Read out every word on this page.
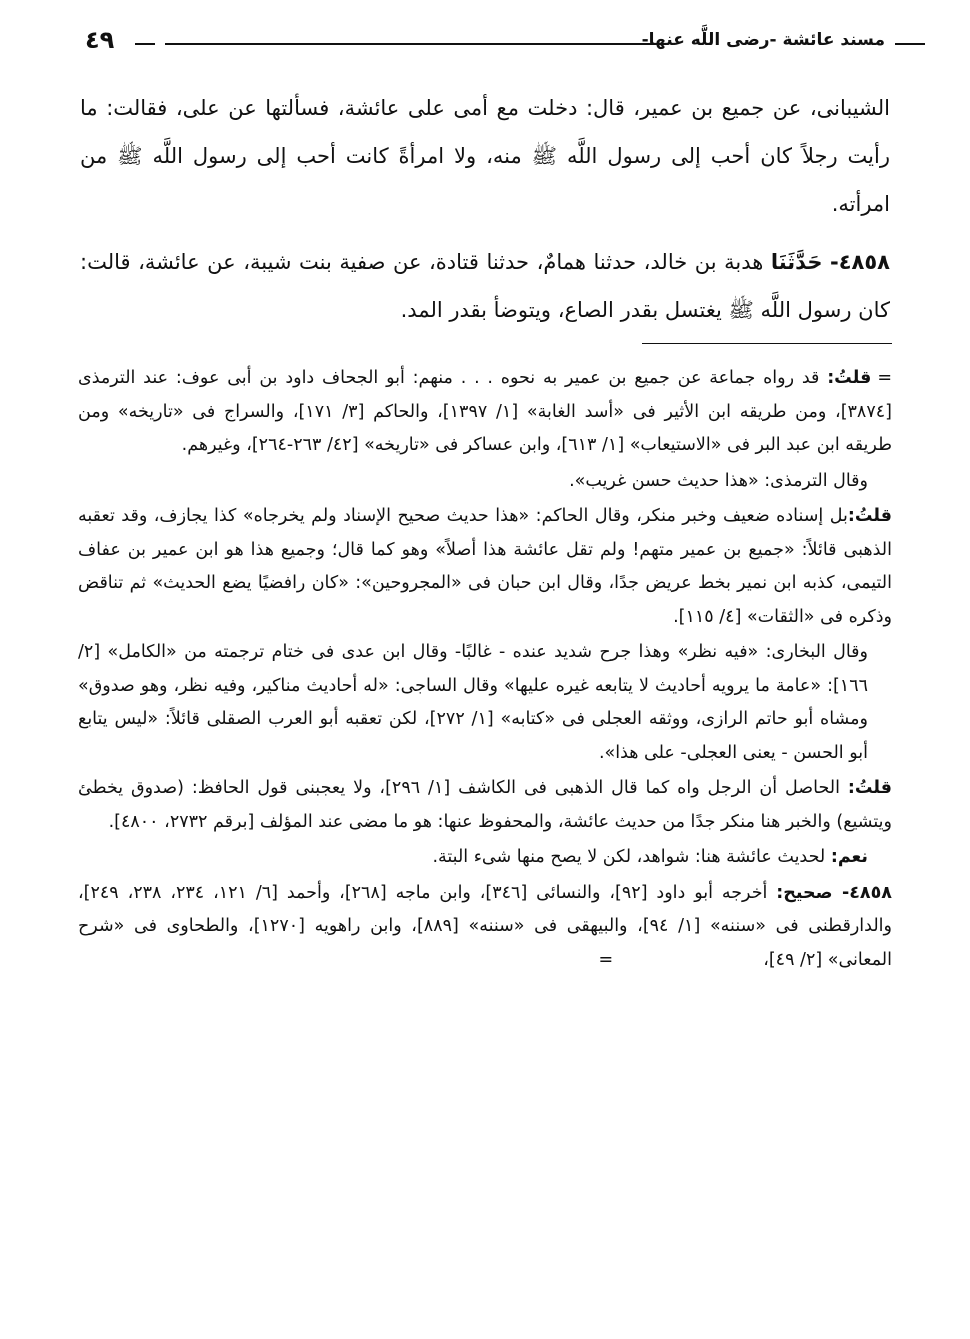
مسند عائشة -رضى اللَّه عنها-
٤٩

الشيبانى، عن جميع بن عمير، قال: دخلت مع أمى على عائشة، فسألتها عن على، فقالت: ما رأيت رجلاً كان أحب إلى رسول اللَّه ﷺ منه، ولا امرأةً كانت أحب إلى رسول اللَّه ﷺ من امرأته.

٤٨٥٨- حَدَّثَنَا هدبة بن خالد، حدثنا همامٌ، حدثنا قتادة، عن صفية بنت شيبة، عن عائشة، قالت: كان رسول اللَّه ﷺ يغتسل بقدر الصاع، ويتوضأ بقدر المد.

=قلتُ: قد رواه جماعة عن جميع بن عمير به نحوه . . . منهم: أبو الجحاف داود بن أبى عوف: عند الترمذى [٣٨٧٤]، ومن طريقه ابن الأثير فى «أسد الغابة» [١/ ١٣٩٧]، والحاكم [٣/ ١٧١]، والسراج فى «تاريخه» ومن طريقه ابن عبد البر فى «الاستيعاب» [١/ ٦١٣]، وابن عساكر فى «تاريخه» [٤٢/ ٢٦٣-٢٦٤]، وغيرهم.

وقال الترمذى: «هذا حديث حسن غريب».

قلتُ:بل إسناده ضعيف وخبر منكر، وقال الحاكم: «هذا حديث صحيح الإسناد ولم يخرجاه» كذا يجازف، وقد تعقبه الذهبى قائلاً: «جميع بن عمير متهم! ولم تقل عائشة هذا أصلاً» وهو كما قال؛ وجميع هذا هو ابن عمير بن عفاف التيمى، كذبه ابن نمير بخط عريض جدًا، وقال ابن حبان فى «المجروحين»: «كان رافضيًا يضع الحديث» ثم تناقض وذكره فى «الثقات» [٤/ ١١٥].

وقال البخارى: «فيه نظر» وهذا جرح شديد عنده - غالبًا- وقال ابن عدى فى ختام ترجمته من «الكامل» [٢/ ١٦٦]: «عامة ما يرويه أحاديث لا يتابعه غيره عليها» وقال الساجى: «له أحاديث مناكير، وفيه نظر، وهو صدوق» ومشاه أبو حاتم الرازى، ووثقه العجلى فى «كتابه» [١/ ٢٧٢]، لكن تعقبه أبو العرب الصقلى قائلاً: «ليس يتابع أبو الحسن - يعنى العجلى- على هذا».

قلتُ: الحاصل أن الرجل واه كما قال الذهبى فى الكاشف [١/ ٢٩٦]، ولا يعجبنى قول الحافظ: (صدوق يخطئ ويتشيع) والخبر هنا منكر جدًا من حديث عائشة، والمحفوظ عنها: هو ما مضى عند المؤلف [برقم ٢٧٣٢، ٤٨٠٠].

نعم: لحديث عائشة هنا: شواهد، لكن لا يصح منها شىء البتة.

٤٨٥٨- صحيح: أخرجه أبو داود [٩٢]، والنسائى [٣٤٦]، وابن ماجه [٢٦٨]، وأحمد [٦/ ١٢١، ٢٣٤، ٢٣٨، ٢٤٩]، والدارقطنى فى «سننه» [١/ ٩٤]، والبيهقى فى «سننه» [٨٨٩]، وابن راهويه [١٢٧٠]، والطحاوى فى «شرح المعانى» [٢/ ٤٩]،=
